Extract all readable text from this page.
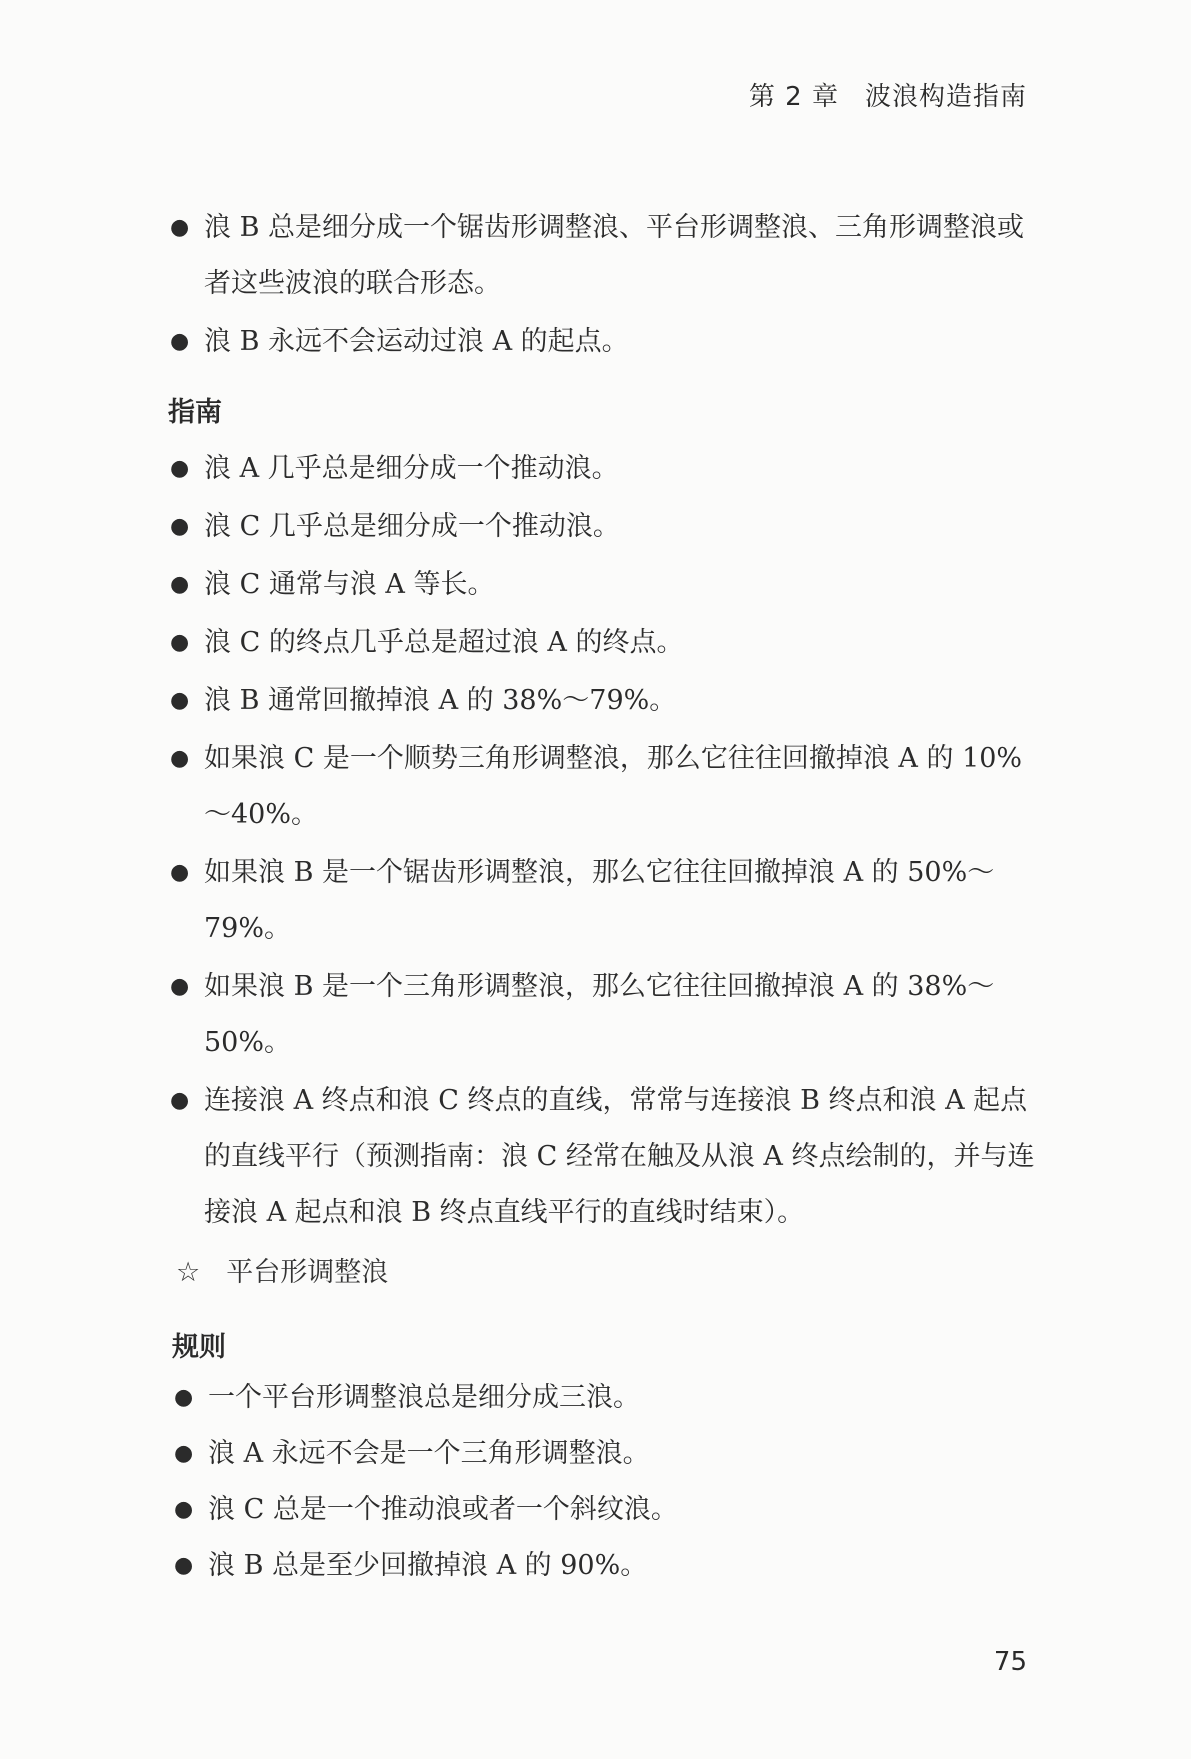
第 2 章 波浪构造指南
● 浪 B 总是细分成一个锯齿形调整浪、平台形调整浪、三角形调整浪或者这些波浪的联合形态。
● 浪 B 永远不会运动过浪 A 的起点。
指南
● 浪 A 几乎总是细分成一个推动浪。
● 浪 C 几乎总是细分成一个推动浪。
● 浪 C 通常与浪 A 等长。
● 浪 C 的终点几乎总是超过浪 A 的终点。
● 浪 B 通常回撤掉浪 A 的 38%～79%。
● 如果浪 C 是一个顺势三角形调整浪，那么它往往回撤掉浪 A 的 10%～40%。
● 如果浪 B 是一个锯齿形调整浪，那么它往往回撤掉浪 A 的 50%～79%。
● 如果浪 B 是一个三角形调整浪，那么它往往回撤掉浪 A 的 38%～50%。
● 连接浪 A 终点和浪 C 终点的直线，常常与连接浪 B 终点和浪 A 起点的直线平行（预测指南：浪 C 经常在触及从浪 A 终点绘制的，并与连接浪 A 起点和浪 B 终点直线平行的直线时结束）。
☆ 平台形调整浪
规则
● 一个平台形调整浪总是细分成三浪。
● 浪 A 永远不会是一个三角形调整浪。
● 浪 C 总是一个推动浪或者一个斜纹浪。
● 浪 B 总是至少回撤掉浪 A 的 90%。
75
